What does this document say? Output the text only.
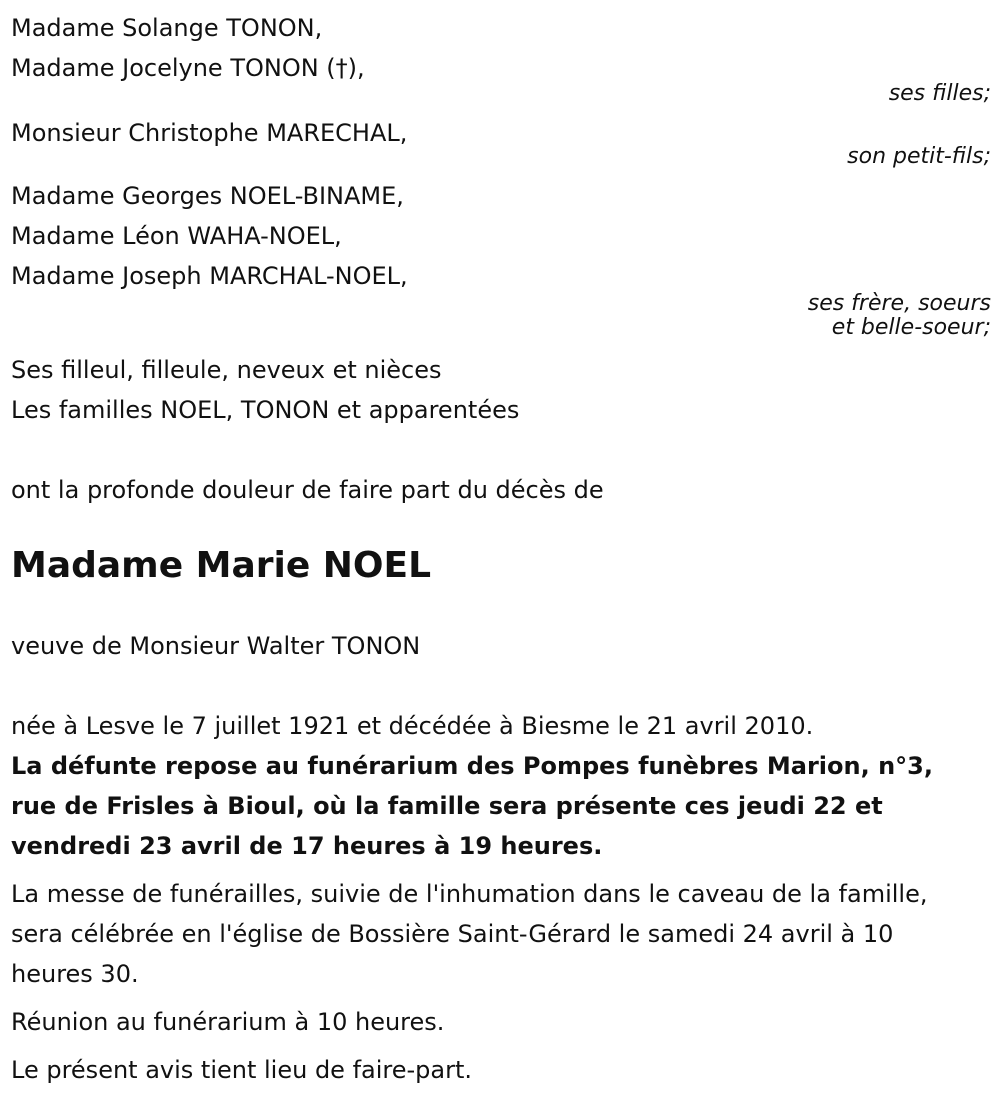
Madame Solange TONON,

Madame Jocelyne TONON (†),

ses filles;

Monsieur Christophe MARECHAL,

son petit-fils;

Madame Georges NOEL-BINAME,

Madame Léon WAHA-NOEL,

Madame Joseph MARCHAL-NOEL,

ses frère, soeurs

et belle-soeur;

Ses filleul, filleule, neveux et nièces

Les familles NOEL, TONON et apparentées

ont la profonde douleur de faire part du décès de

Madame Marie NOEL

veuve de Monsieur Walter TONON

née à Lesve le 7 juillet 1921 et décédée à Biesme le 21 avril 2010.

La défunte repose au funérarium des Pompes funèbres Marion, n°3, rue de Frisles à Bioul, où la famille sera présente ces jeudi 22 et vendredi 23 avril de 17 heures à 19 heures.

La messe de funérailles, suivie de l'inhumation dans le caveau de la famille, sera célébrée en l'église de Bossière Saint-Gérard le samedi 24 avril à 10 heures 30.

Réunion au funérarium à 10 heures.

Le présent avis tient lieu de faire-part.
